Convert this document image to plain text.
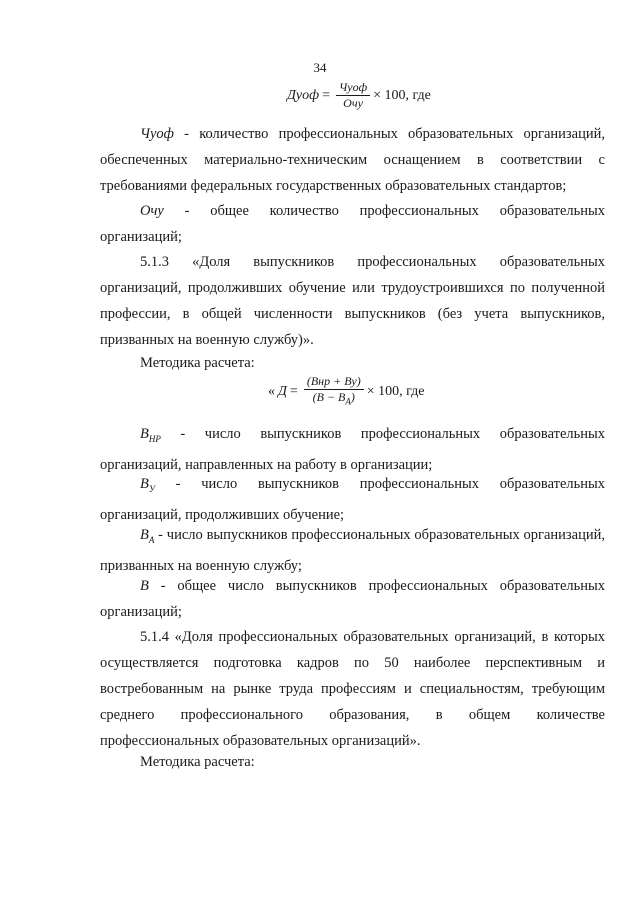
34
Дуоф = $\frac{\text{Чуоф}}{\text{Очу}} \times 100$ , где
Чуоф - количество профессиональных образовательных организаций,
обеспеченных материально-техническим оснащением в соответствии с
требованиями федеральных государственных образовательных стандартов;
Очу - общее количество профессиональных образовательных
организаций;
5.1.3 «Доля выпускников профессиональных образовательных
организаций, продолживших обучение или трудоустроившихся по полученной
профессии, в общей численности выпускников (без учета выпускников,
призванных на военную службу)».
Методика расчета:
« $Д = \frac{\text{(Внр + Ву)}}{(В - В_А)} \times 100$ , где
$В_{НР}$ - число выпускников профессиональных образовательных
организаций, направленных на работу в организации;
$В_У$ - число выпускников профессиональных образовательных
организаций, продолживших обучение;
$В_А$ - число выпускников профессиональных образовательных организаций,
призванных на военную службу;
В - общее число выпускников профессиональных образовательных
организаций;
5.1.4 «Доля профессиональных образовательных организаций, в которых
осуществляется подготовка кадров по 50 наиболее перспективным и
востребованным на рынке труда профессиям и специальностям, требующим
среднего профессионального образования, в общем количестве
профессиональных образовательных организаций».
Методика расчета:
